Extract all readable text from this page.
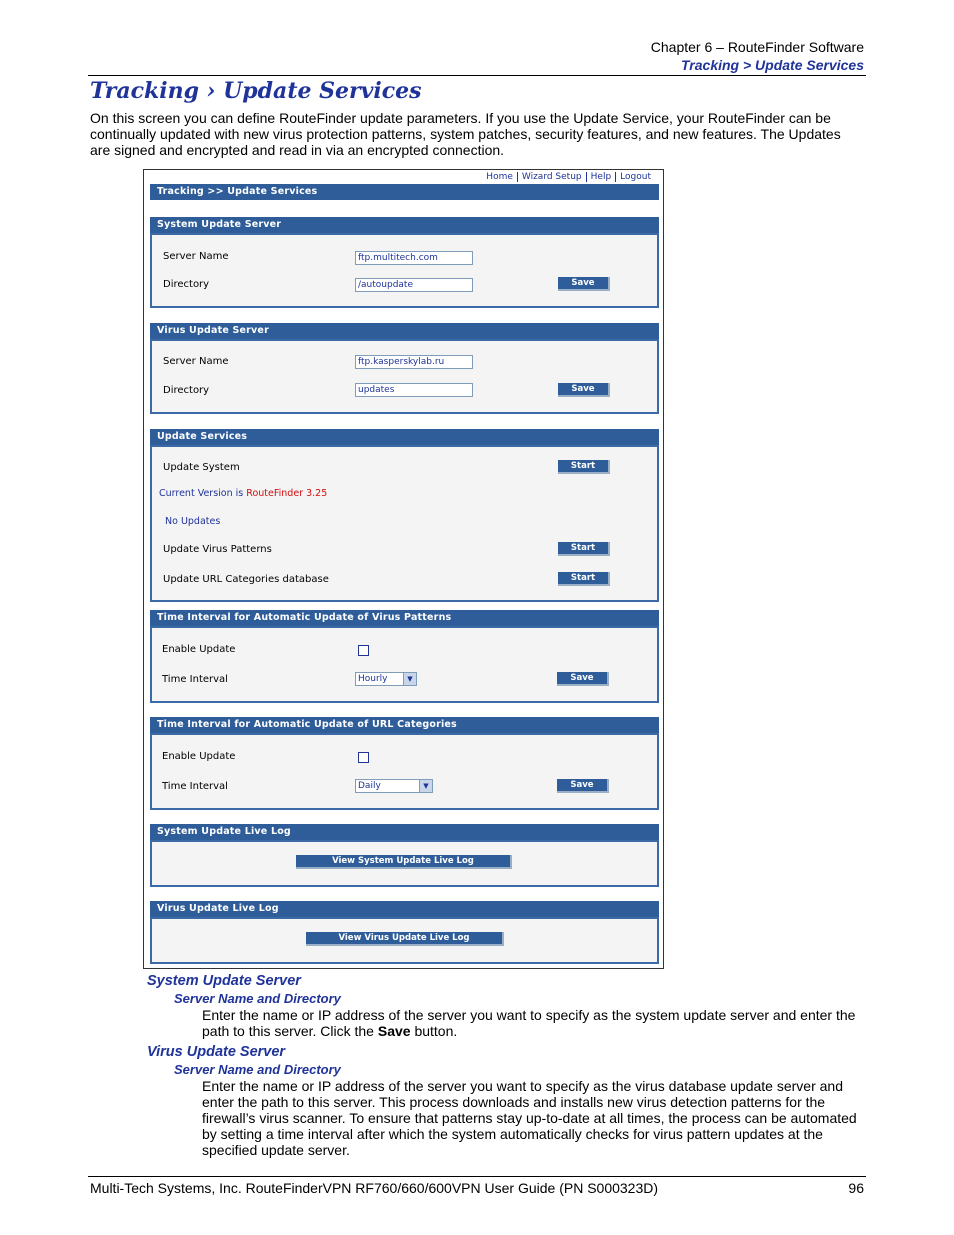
Chapter 6 – RouteFinder Software
Tracking > Update Services
Tracking › Update Services
On this screen you can define RouteFinder update parameters. If you use the Update Service, your RouteFinder can be continually updated with new virus protection patterns, system patches, security features, and new features. The Updates are signed and encrypted and read in via an encrypted connection.
Home Wizard Setup Help Logout
Tracking >> Update Services
System Update Server
Server Name	ftp.multitech.com
Directory	/autoupdate	Save
Virus Update Server
Server Name	ftp.kasperskylab.ru
Directory	updates	Save
Update Services
Update System	Start
Current Version is RouteFinder 3.25
No Updates
Update Virus Patterns	Start
Update URL Categories database	Start
Time Interval for Automatic Update of Virus Patterns
Enable Update
Time Interval	Hourly	▼	Save
Time Interval for Automatic Update of URL Categories
Enable Update
Time Interval	Daily	▼	Save
System Update Live Log
View System Update Live Log
Virus Update Live Log
View Virus Update Live Log
System Update Server
Server Name and Directory
Enter the name or IP address of the server you want to specify as the system update server and enter the path to this server. Click the Save button.
Virus Update Server
Server Name and Directory
Enter the name or IP address of the server you want to specify as the virus database update server and enter the path to this server. This process downloads and installs new virus detection patterns for the firewall’s virus scanner. To ensure that patterns stay up-to-date at all times, the process can be automated by setting a time interval after which the system automatically checks for virus pattern updates at the specified update server.
Multi-Tech Systems, Inc. RouteFinderVPN RF760/660/600VPN User Guide (PN S000323D)	96
